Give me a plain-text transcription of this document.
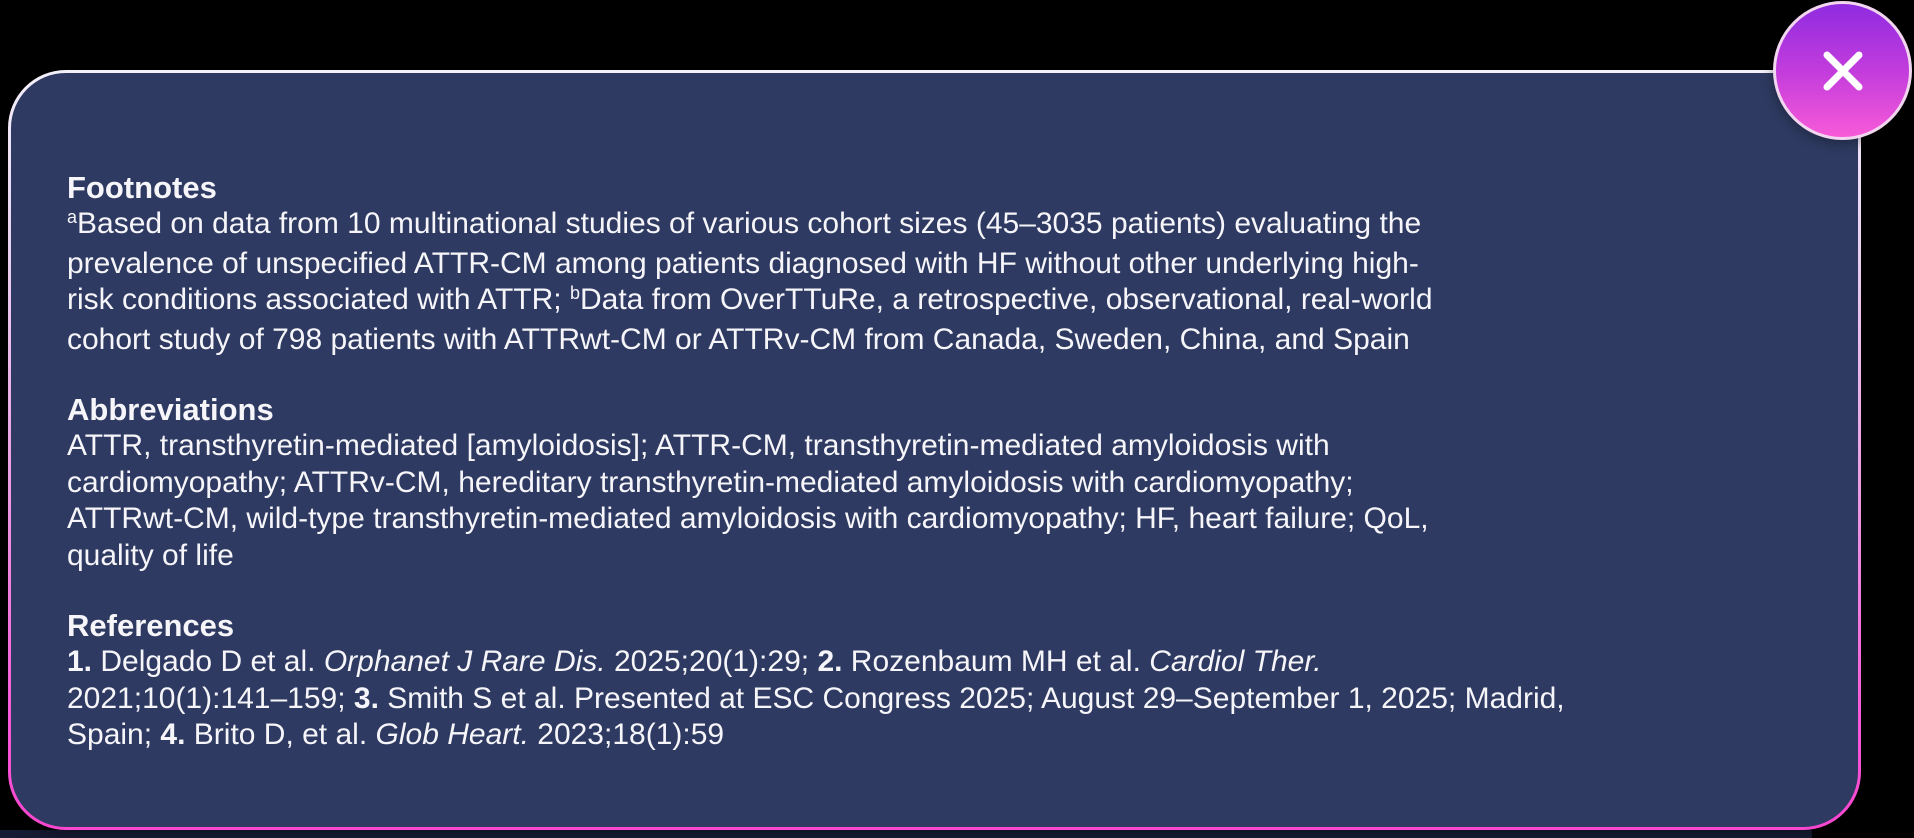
Footnotes
$^a$Based on data from 10 multinational studies of various cohort sizes (45–3035 patients) evaluating the
prevalence of unspecified ATTR-CM among patients diagnosed with HF without other underlying high-
risk conditions associated with ATTR; $^b$Data from OverTTuRe, a retrospective, observational, real-world
cohort study of 798 patients with ATTRwt-CM or ATTRv-CM from Canada, Sweden, China, and Spain
Abbreviations
ATTR, transthyretin-mediated [amyloidosis]; ATTR-CM, transthyretin-mediated amyloidosis with
cardiomyopathy; ATTRv-CM, hereditary transthyretin-mediated amyloidosis with cardiomyopathy;
ATTRwt-CM, wild-type transthyretin-mediated amyloidosis with cardiomyopathy; HF, heart failure; QoL,
quality of life
References
1. Delgado D et al. Orphanet J Rare Dis. 2025;20(1):29; 2. Rozenbaum MH et al. Cardiol Ther.
2021;10(1):141–159; 3. Smith S et al. Presented at ESC Congress 2025; August 29–September 1, 2025; Madrid,
Spain; 4. Brito D, et al. Glob Heart. 2023;18(1):59
